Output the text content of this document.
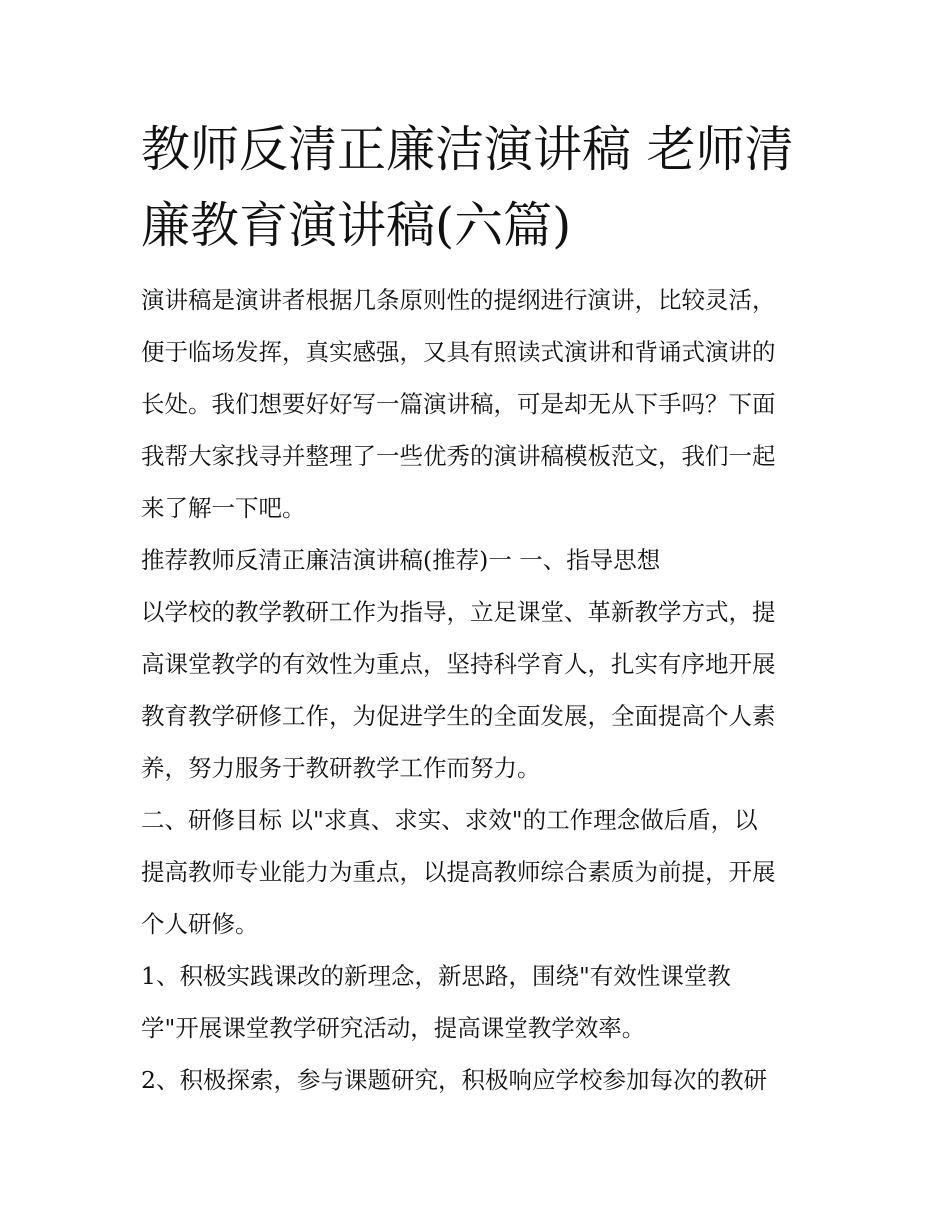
教师反清正廉洁演讲稿 老师清
廉教育演讲稿(六篇)
演讲稿是演讲者根据几条原则性的提纲进行演讲，比较灵活，
便于临场发挥，真实感强，又具有照读式演讲和背诵式演讲的
长处。我们想要好好写一篇演讲稿，可是却无从下手吗？下面
我帮大家找寻并整理了一些优秀的演讲稿模板范文，我们一起
来了解一下吧。
推荐教师反清正廉洁演讲稿(推荐)一 一、指导思想
以学校的教学教研工作为指导，立足课堂、革新教学方式，提
高课堂教学的有效性为重点，坚持科学育人，扎实有序地开展
教育教学研修工作，为促进学生的全面发展，全面提高个人素
养，努力服务于教研教学工作而努力。
二、研修目标 以"求真、求实、求效"的工作理念做后盾，以
提高教师专业能力为重点，以提高教师综合素质为前提，开展
个人研修。
1、积极实践课改的新理念，新思路，围绕"有效性课堂教
学"开展课堂教学研究活动，提高课堂教学效率。
2、积极探索，参与课题研究，积极响应学校参加每次的教研
